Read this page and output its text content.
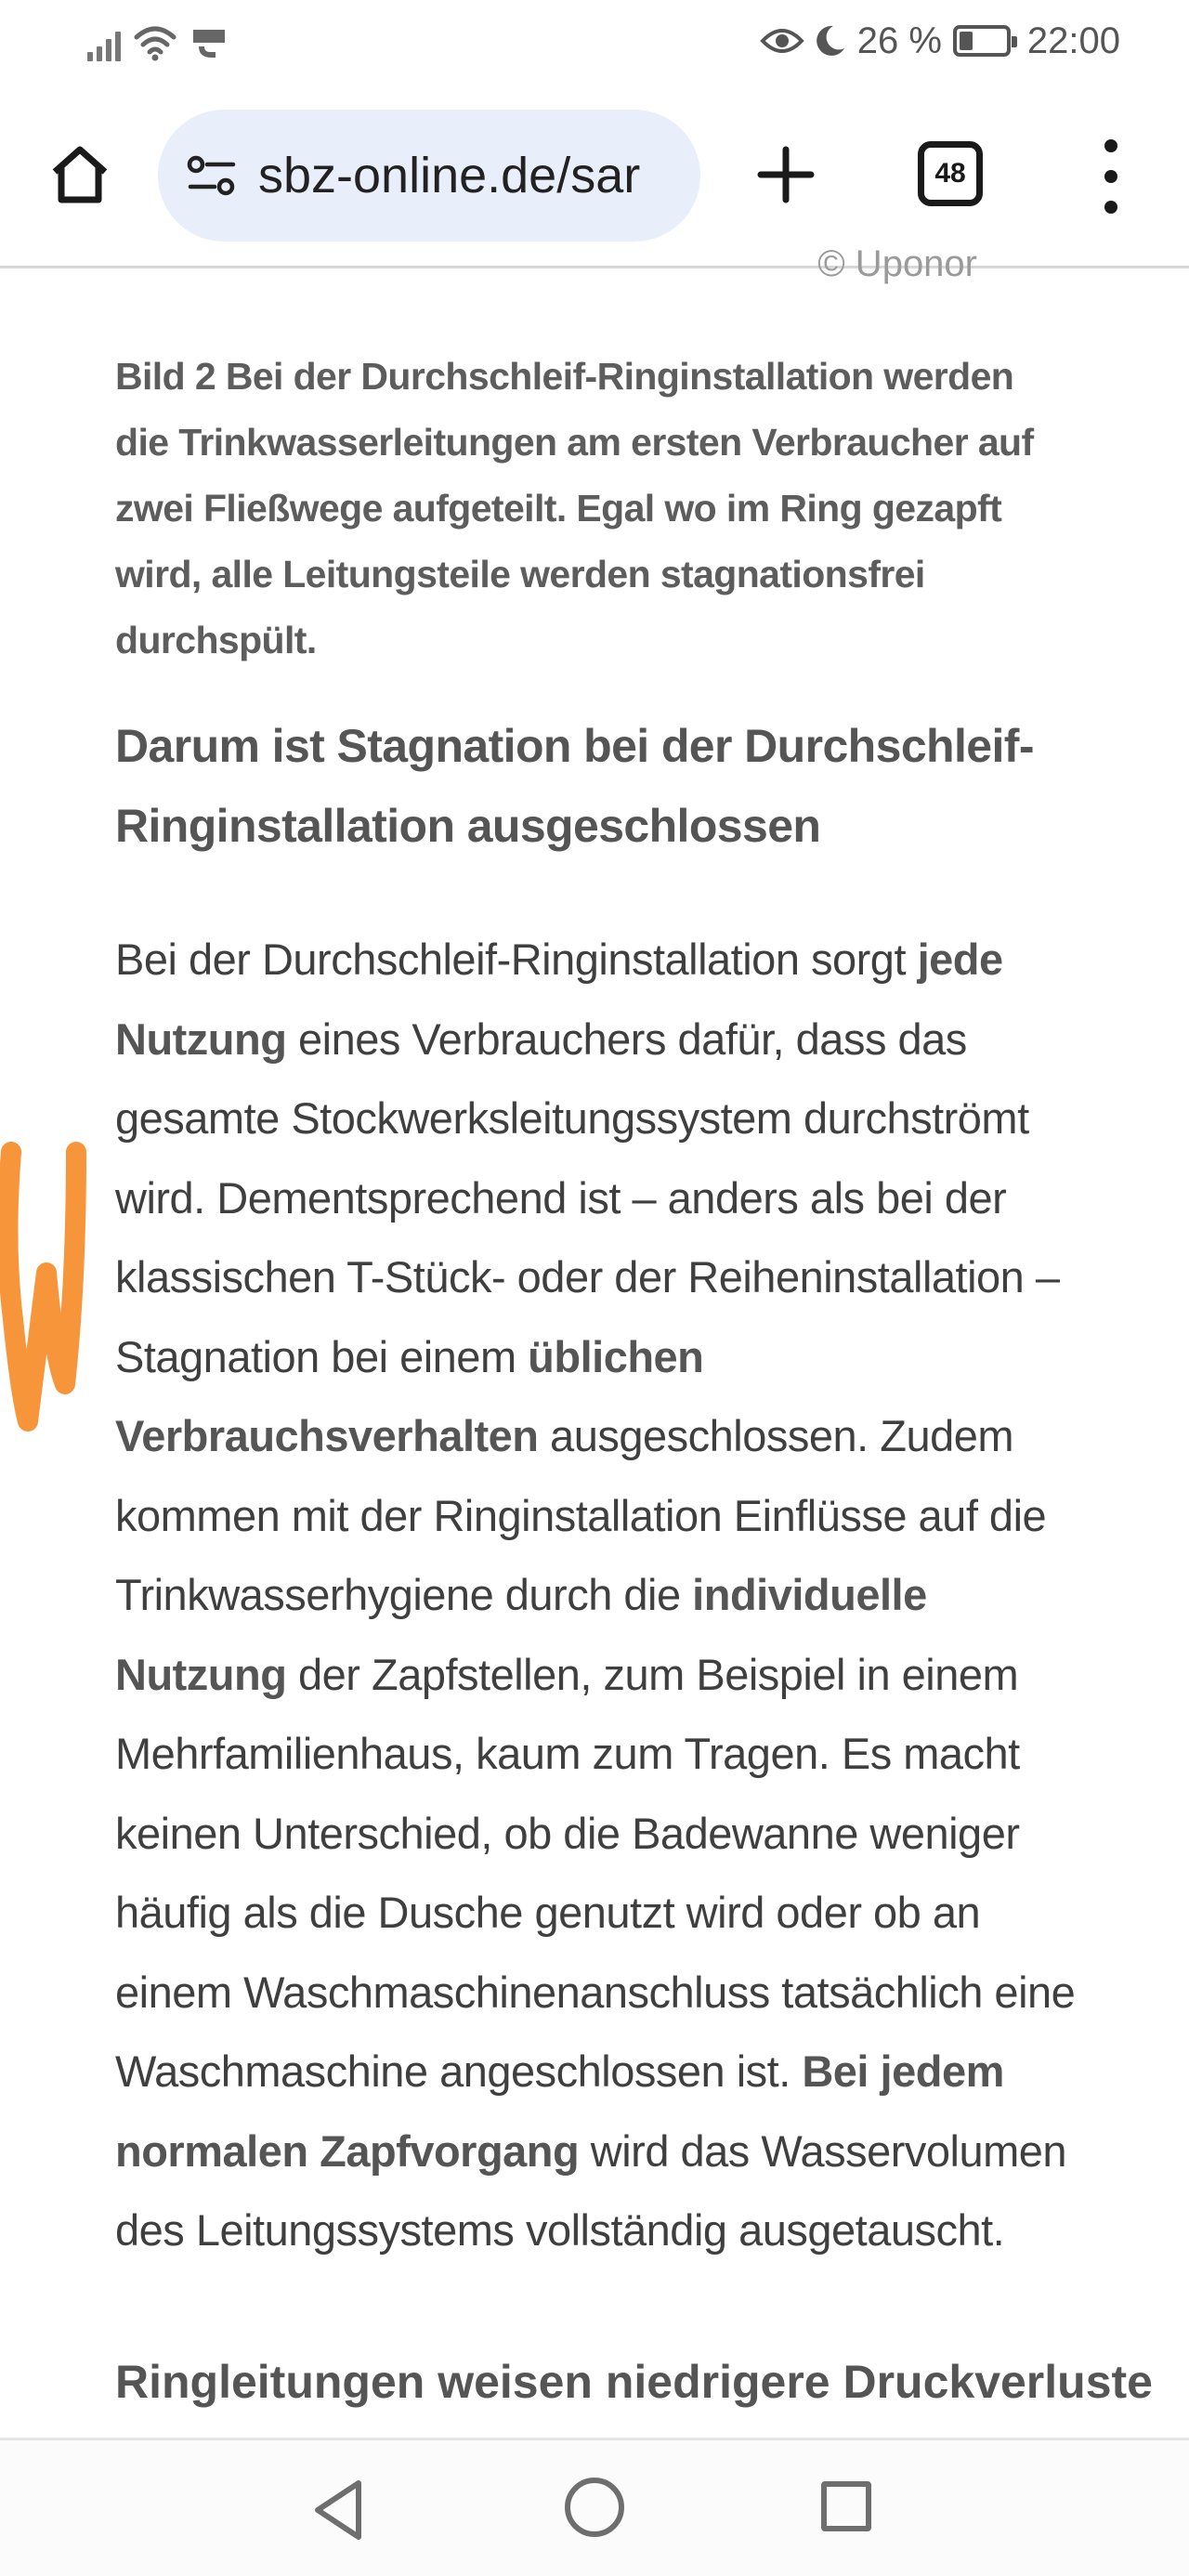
26 % 22:00
sbz-online.de/sar	48
© Uponor

Bild 2 Bei der Durchschleif-Ringinstallation werden die Trinkwasserleitungen am ersten Verbraucher auf zwei Fließwege aufgeteilt. Egal wo im Ring gezapft wird, alle Leitungsteile werden stagnationsfrei durchspült.

Darum ist Stagnation bei der Durchschleif-Ringinstallation ausgeschlossen

Bei der Durchschleif-Ringinstallation sorgt jede Nutzung eines Verbrauchers dafür, dass das gesamte Stockwerksleitungssystem durchströmt wird. Dementsprechend ist – anders als bei der klassischen T-Stück- oder der Reiheninstallation – Stagnation bei einem üblichen Verbrauchsverhalten ausgeschlossen. Zudem kommen mit der Ringinstallation Einflüsse auf die Trinkwasserhygiene durch die individuelle Nutzung der Zapfstellen, zum Beispiel in einem Mehrfamilienhaus, kaum zum Tragen. Es macht keinen Unterschied, ob die Badewanne weniger häufig als die Dusche genutzt wird oder ob an einem Waschmaschinenanschluss tatsächlich eine Waschmaschine angeschlossen ist. Bei jedem normalen Zapfvorgang wird das Wasservolumen des Leitungssystems vollständig ausgetauscht.

Ringleitungen weisen niedrigere Druckverluste
